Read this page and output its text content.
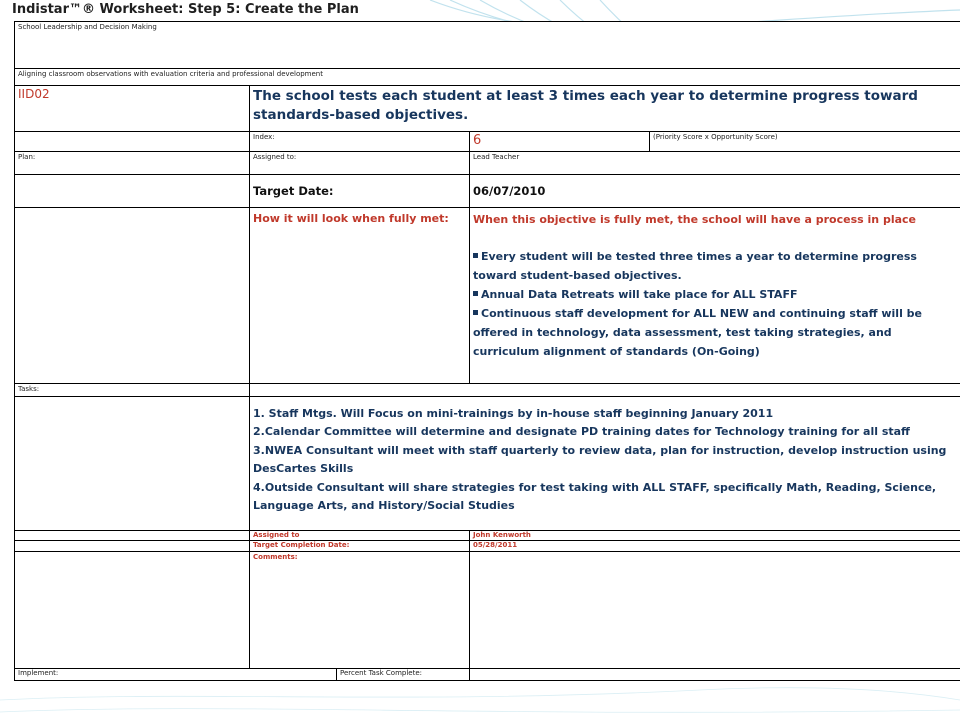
Indistar™® Worksheet: Step 5: Create the Plan
School Leadership and Decision Making				
Aligning classroom observations with evaluation criteria and professional development				
IID02	The school tests each student at least 3 times each year to determine progress toward standards-based objectives.			
	Index:		6	(Priority Score x Opportunity Score)
Plan:	Assigned to:		Lead Teacher	
	Target Date:		06/07/2010	
	How it will look when fully met:		When this objective is fully met, the school will have a process in place
Every student will be tested three times a year to determine progress toward student-based objectives.
Annual Data Retreats will take place for ALL STAFF
Continuous staff development for ALL NEW and continuing staff will be offered in technology, data assessment, test taking strategies, and curriculum alignment of standards (On-Going)	

Tasks:				

	1. Staff Mtgs. Will Focus on mini-trainings by in-house staff beginning January 2011
2.Calendar Committee will determine and designate PD training dates for Technology training for all staff
3.NWEA Consultant will meet with staff quarterly to review data, plan for instruction, develop instruction using DesCartes Skills
4.Outside Consultant will share strategies for test taking with ALL STAFF, specifically Math, Reading, Science, Language Arts, and History/Social Studies			

	Assigned to		John Kenworth	
	Target Completion Date:		05/28/2011	
	Comments:			
Implement:		Percent Task Complete:		
